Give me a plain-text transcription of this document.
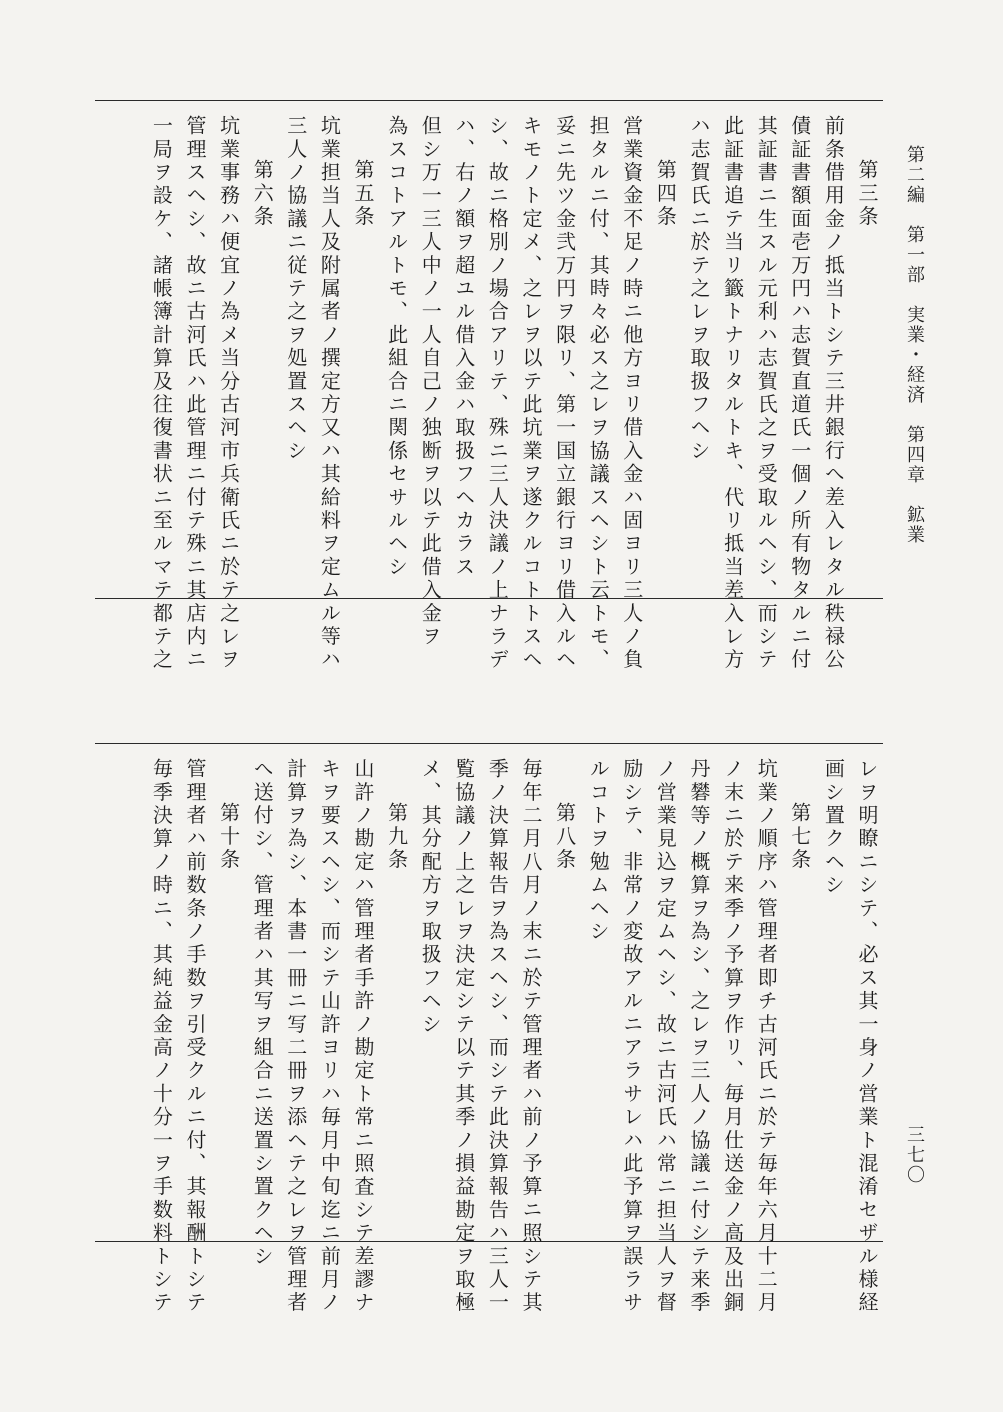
第二編　第一部　実業・経済　第四章　鉱業
三七〇
第三条
前条借用金ノ抵当トシテ三井銀行へ差入レタル秩禄公
債証書額面壱万円ハ志賀直道氏一個ノ所有物タルニ付
其証書ニ生スル元利ハ志賀氏之ヲ受取ルヘシ、而シテ
此証書追テ当リ籤トナリタルトキ、代リ抵当差入レ方
ハ志賀氏ニ於テ之レヲ取扱フヘシ
第四条
営業資金不足ノ時ニ他方ヨリ借入金ハ固ヨリ三人ノ負
担タルニ付、其時々必ス之レヲ協議スヘシト云トモ、
妥ニ先ツ金弐万円ヲ限リ、第一国立銀行ヨリ借入ルヘ
キモノト定メ、之レヲ以テ此坑業ヲ遂クルコトトスヘ
シ、故ニ格別ノ場合アリテ、殊ニ三人決議ノ上ナラデ
ハ、右ノ額ヲ超ユル借入金ハ取扱フヘカラス
但シ万一三人中ノ一人自己ノ独断ヲ以テ此借入金ヲ
為スコトアルトモ、此組合ニ関係セサルヘシ
第五条
坑業担当人及附属者ノ撰定方又ハ其給料ヲ定ムル等ハ
三人ノ協議ニ従テ之ヲ処置スヘシ
第六条
坑業事務ハ便宜ノ為メ当分古河市兵衛氏ニ於テ之レヲ
管理スヘシ、故ニ古河氏ハ此管理ニ付テ殊ニ其店内ニ
一局ヲ設ケ、諸帳簿計算及往復書状ニ至ルマテ都テ之
レヲ明瞭ニシテ、必ス其一身ノ営業ト混淆セザル様経
画シ置クヘシ
第七条
坑業ノ順序ハ管理者即チ古河氏ニ於テ毎年六月十二月
ノ末ニ於テ来季ノ予算ヲ作リ、毎月仕送金ノ高及出銅
丹礬等ノ概算ヲ為シ、之レヲ三人ノ協議ニ付シテ来季
ノ営業見込ヲ定ムヘシ、故ニ古河氏ハ常ニ担当人ヲ督
励シテ、非常ノ変故アルニアラサレハ此予算ヲ誤ラサ
ルコトヲ勉ムヘシ
第八条
毎年二月八月ノ末ニ於テ管理者ハ前ノ予算ニ照シテ其
季ノ決算報告ヲ為スヘシ、而シテ此決算報告ハ三人一
覧協議ノ上之レヲ決定シテ以テ其季ノ損益勘定ヲ取極
メ、其分配方ヲ取扱フヘシ
第九条
山許ノ勘定ハ管理者手許ノ勘定ト常ニ照査シテ差謬ナ
キヲ要スヘシ、而シテ山許ヨリハ毎月中旬迄ニ前月ノ
計算ヲ為シ、本書一冊ニ写二冊ヲ添ヘテ之レヲ管理者
へ送付シ、管理者ハ其写ヲ組合ニ送置シ置クヘシ
第十条
管理者ハ前数条ノ手数ヲ引受クルニ付、其報酬トシテ
毎季決算ノ時ニ、其純益金高ノ十分一ヲ手数料トシテ
